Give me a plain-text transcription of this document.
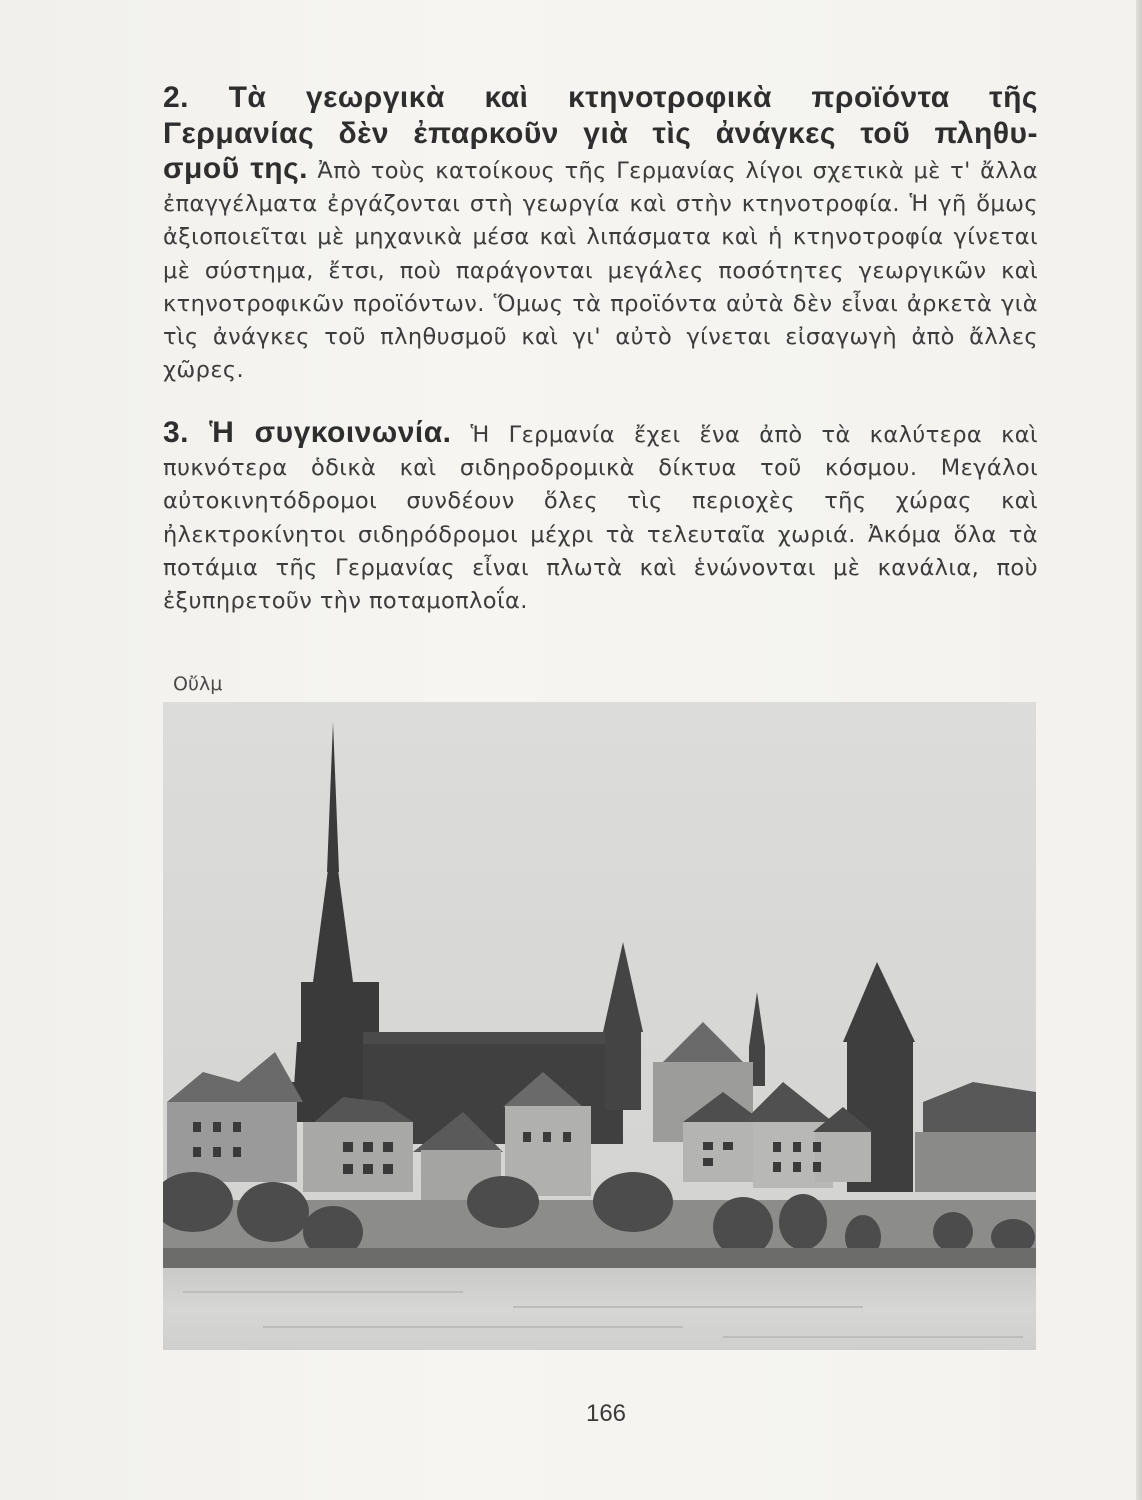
2. Τὰ γεωργικὰ καὶ κτηνοτροφικὰ προϊόντα τῆς
Γερμανίας δὲν ἐπαρκοῦν γιὰ τὶς ἀνάγκες τοῦ πληθυ-
σμοῦ της. Ἀπὸ τοὺς κατοίκους τῆς Γερμανίας λίγοι σχετικὰ μὲ τ' ἄλλα ἐπαγγέλματα ἐργάζονται στὴ γεωργία καὶ στὴν κτηνοτροφία. Ἡ γῆ ὅμως ἀξιοποιεῖται μὲ μηχανικὰ μέσα καὶ λιπάσματα καὶ ἡ κτηνοτροφία γίνεται μὲ σύστημα, ἔτσι, ποὺ παράγονται μεγάλες ποσότητες γεωργικῶν καὶ κτηνοτροφικῶν προϊόντων. Ὅμως τὰ προϊόντα αὐτὰ δὲν εἶναι ἀρκετὰ γιὰ τὶς ἀνάγκες τοῦ πληθυσμοῦ καὶ γι' αὐτὸ γίνεται εἰσαγωγὴ ἀπὸ ἄλλες χῶρες.
3. Ἡ συγκοινωνία. Ἡ Γερμανία ἔχει ἕνα ἀπὸ τὰ καλύτερα καὶ πυκνότερα ὁδικὰ καὶ σιδηροδρομικὰ δίκτυα τοῦ κόσμου. Μεγάλοι αὐτοκινητόδρομοι συνδέουν ὅλες τὶς περιοχὲς τῆς χώρας καὶ ἠλεκτροκίνητοι σιδηρόδρομοι μέχρι τὰ τελευταῖα χωριά. Ἀκόμα ὅλα τὰ ποτάμια τῆς Γερμανίας εἶναι πλωτὰ καὶ ἑνώνονται μὲ κανάλια, ποὺ ἐξυπηρετοῦν τὴν ποταμοπλοΐα.
Οὔλμ
166
